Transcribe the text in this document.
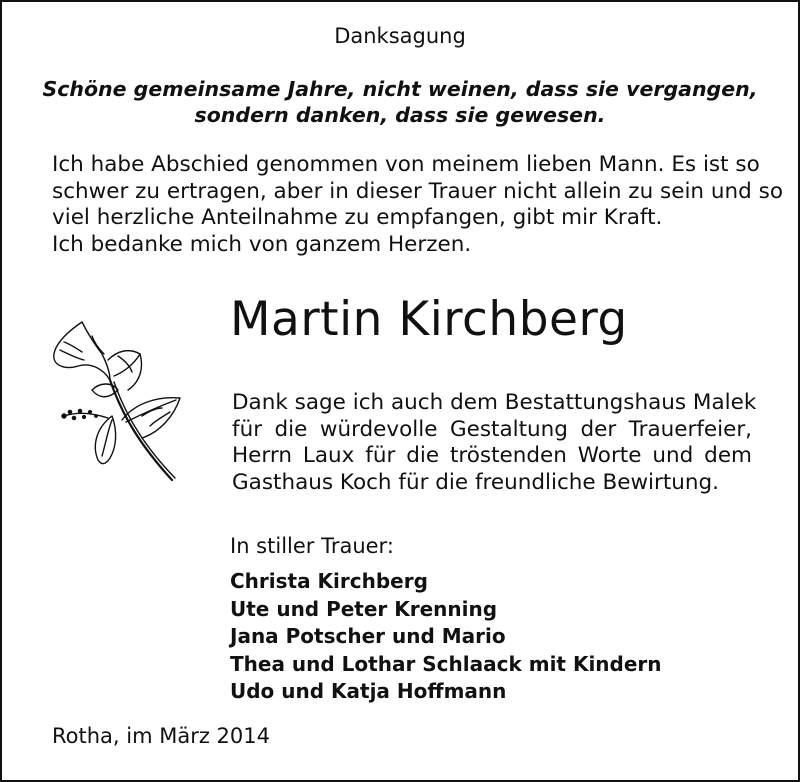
Danksagung
Schöne gemeinsame Jahre, nicht weinen, dass sie vergangen,
sondern danken, dass sie gewesen.
Ich habe Abschied genommen von meinem lieben Mann. Es ist so
schwer zu ertragen, aber in dieser Trauer nicht allein zu sein und so
viel herzliche Anteilnahme zu empfangen, gibt mir Kraft.
Ich bedanke mich von ganzem Herzen.
Martin Kirchberg
Dank sage ich auch dem Bestattungshaus Malek
für die würdevolle Gestaltung der Trauerfeier,
Herrn Laux für die tröstenden Worte und dem
Gasthaus Koch für die freundliche Bewirtung.
In stiller Trauer:
Christa Kirchberg
Ute und Peter Krenning
Jana Potscher und Mario
Thea und Lothar Schlaack mit Kindern
Udo und Katja Hoffmann
Rotha, im März 2014
